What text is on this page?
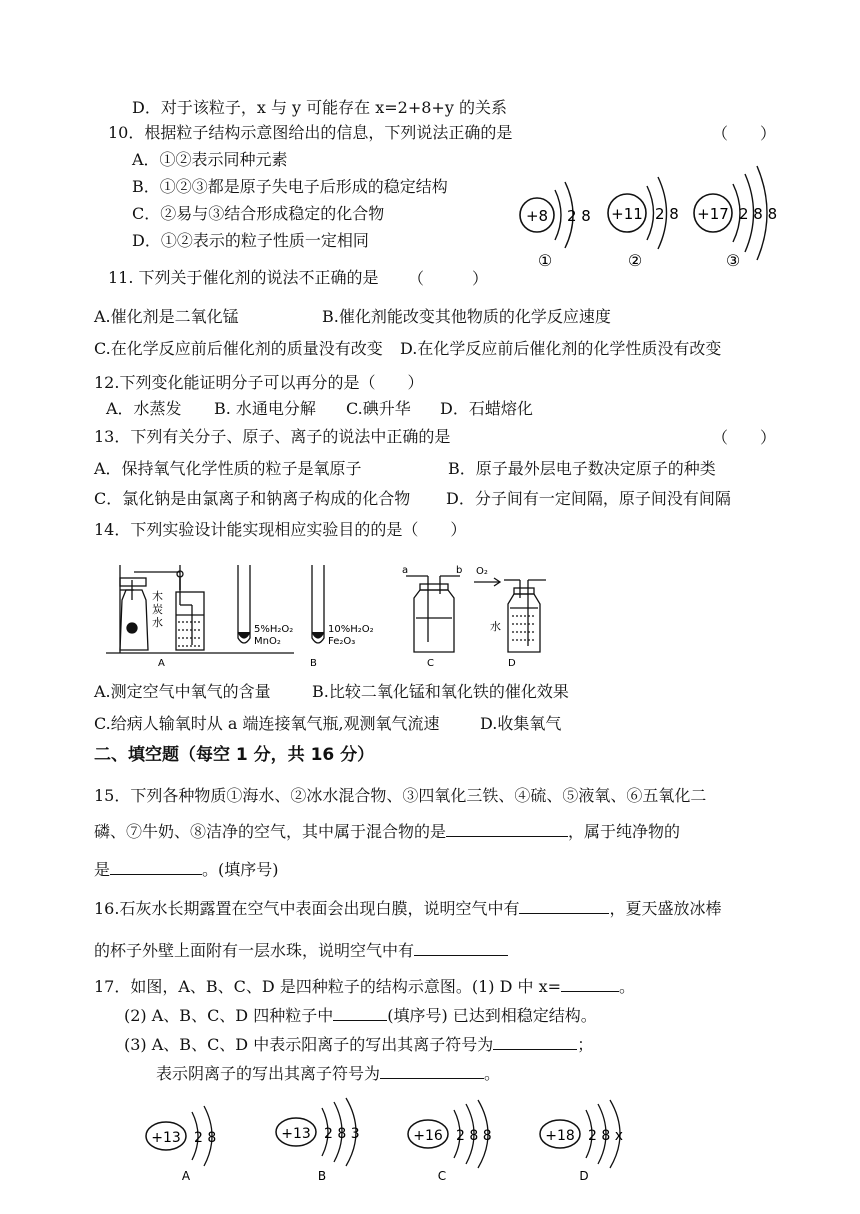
D．对于该粒子，x 与 y 可能存在 x=2+8+y 的关系
10．根据粒子结构示意图给出的信息，下列说法正确的是	（　　）
A．①②表示同种元素
B．①②③都是原子失电子后形成的稳定结构
C．②易与③结合形成稳定的化合物
D．①②表示的粒子性质一定相同
+8 2 8
①
+11 2 8
②
+17 2 8 8
③
11. 下列关于催化剂的说法不正确的是 （　　　）
A.催化剂是二氧化锰	B.催化剂能改变其他物质的化学反应速度
C.在化学反应前后催化剂的质量没有改变 D.在化学反应前后催化剂的化学性质没有改变
12.下列变化能证明分子可以再分的是（　　）
A．水蒸发 B. 水通电分解 C.碘升华 D．石蜡熔化
13．下列有关分子、原子、离子的说法中正确的是	（　　）
A．保持氧气化学性质的粒子是氧原子	B．原子最外层电子数决定原子的种类
C．氯化钠是由氯离子和钠离子构成的化合物 D．分子间有一定间隔，原子间没有间隔
14．下列实验设计能实现相应实验目的的是（　　）
木
炭
水
A
5%H₂O₂
MnO₂
10%H₂O₂
Fe₂O₃
B
a	b
C
O₂
水
D
A.测定空气中氧气的含量	B.比较二氧化锰和氧化铁的催化效果
C.给病人输氧时从 a 端连接氧气瓶,观测氧气流速	D.收集氧气
二、填空题（每空 1 分，共 16 分）
15．下列各种物质①海水、②冰水混合物、③四氧化三铁、④硫、⑤液氧、⑥五氧化二
磷、⑦牛奶、⑧洁净的空气，其中属于混合物的是	，属于纯净物的
是	。(填序号)
16.石灰水长期露置在空气中表面会出现白膜，说明空气中有	，夏天盛放冰棒
的杯子外壁上面附有一层水珠，说明空气中有
17．如图，A、B、C、D 是四种粒子的结构示意图。(1) D 中 x=	。
(2) A、B、C、D 四种粒子中	(填序号) 已达到相稳定结构。
(3) A、B、C、D 中表示阳离子的写出其离子符号为	；
表示阴离子的写出其离子符号为	。
+13 2 8
A
+13 2 8 3
B
+16 2 8 8
C
+18 2 8 x
D
